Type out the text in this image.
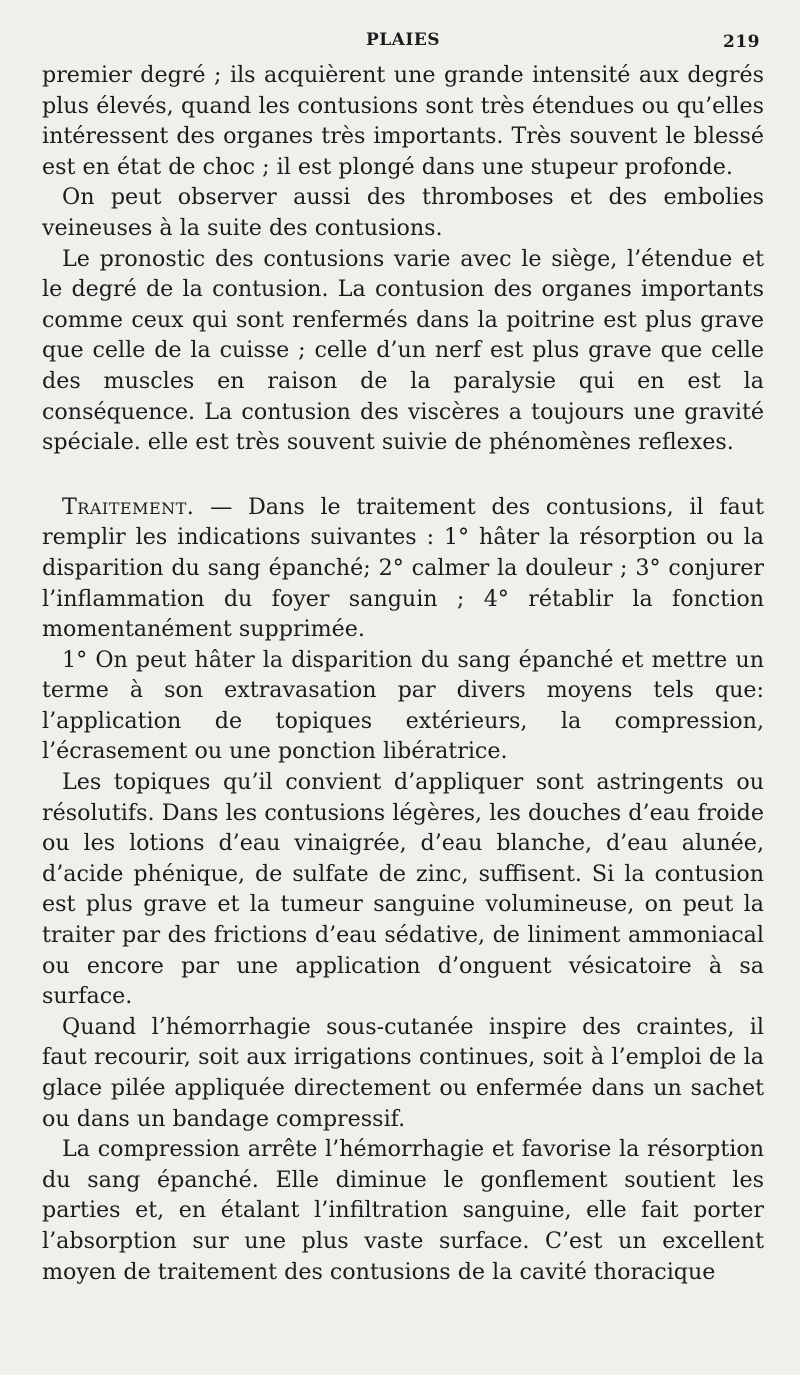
PLAIES	219

premier degré ; ils acquièrent une grande intensité aux degrés plus élevés, quand les contusions sont très étendues ou qu’elles intéressent des organes très importants. Très souvent le blessé est en état de choc ; il est plongé dans une stupeur profonde.

On peut observer aussi des thromboses et des embolies veineuses à la suite des contusions.

Le pronostic des contusions varie avec le siège, l’étendue et le degré de la contusion. La contusion des organes importants comme ceux qui sont renfermés dans la poitrine est plus grave que celle de la cuisse ; celle d’un nerf est plus grave que celle des muscles en raison de la paralysie qui en est la conséquence. La contusion des viscères a toujours une gravité spéciale. elle est très souvent suivie de phénomènes reflexes.

Traitement. — Dans le traitement des contusions, il faut remplir les indications suivantes : 1° hâter la résorption ou la disparition du sang épanché; 2° calmer la douleur ; 3° conjurer l’inflammation du foyer sanguin ; 4° rétablir la fonction momentanément supprimée.

1° On peut hâter la disparition du sang épanché et mettre un terme à son extravasation par divers moyens tels que: l’application de topiques extérieurs, la compression, l’écrasement ou une ponction libératrice.

Les topiques qu’il convient d’appliquer sont astringents ou résolutifs. Dans les contusions légères, les douches d’eau froide ou les lotions d’eau vinaigrée, d’eau blanche, d’eau alunée, d’acide phénique, de sulfate de zinc, suffisent. Si la contusion est plus grave et la tumeur sanguine volumineuse, on peut la traiter par des frictions d’eau sédative, de liniment ammoniacal ou encore par une application d’onguent vésicatoire à sa surface.

Quand l’hémorrhagie sous-cutanée inspire des craintes, il faut recourir, soit aux irrigations continues, soit à l’emploi de la glace pilée appliquée directement ou enfermée dans un sachet ou dans un bandage compressif.

La compression arrête l’hémorrhagie et favorise la résorption du sang épanché. Elle diminue le gonflement soutient les parties et, en étalant l’infiltration sanguine, elle fait porter l’absorption sur une plus vaste surface. C’est un excellent moyen de traitement des contusions de la cavité thoracique
